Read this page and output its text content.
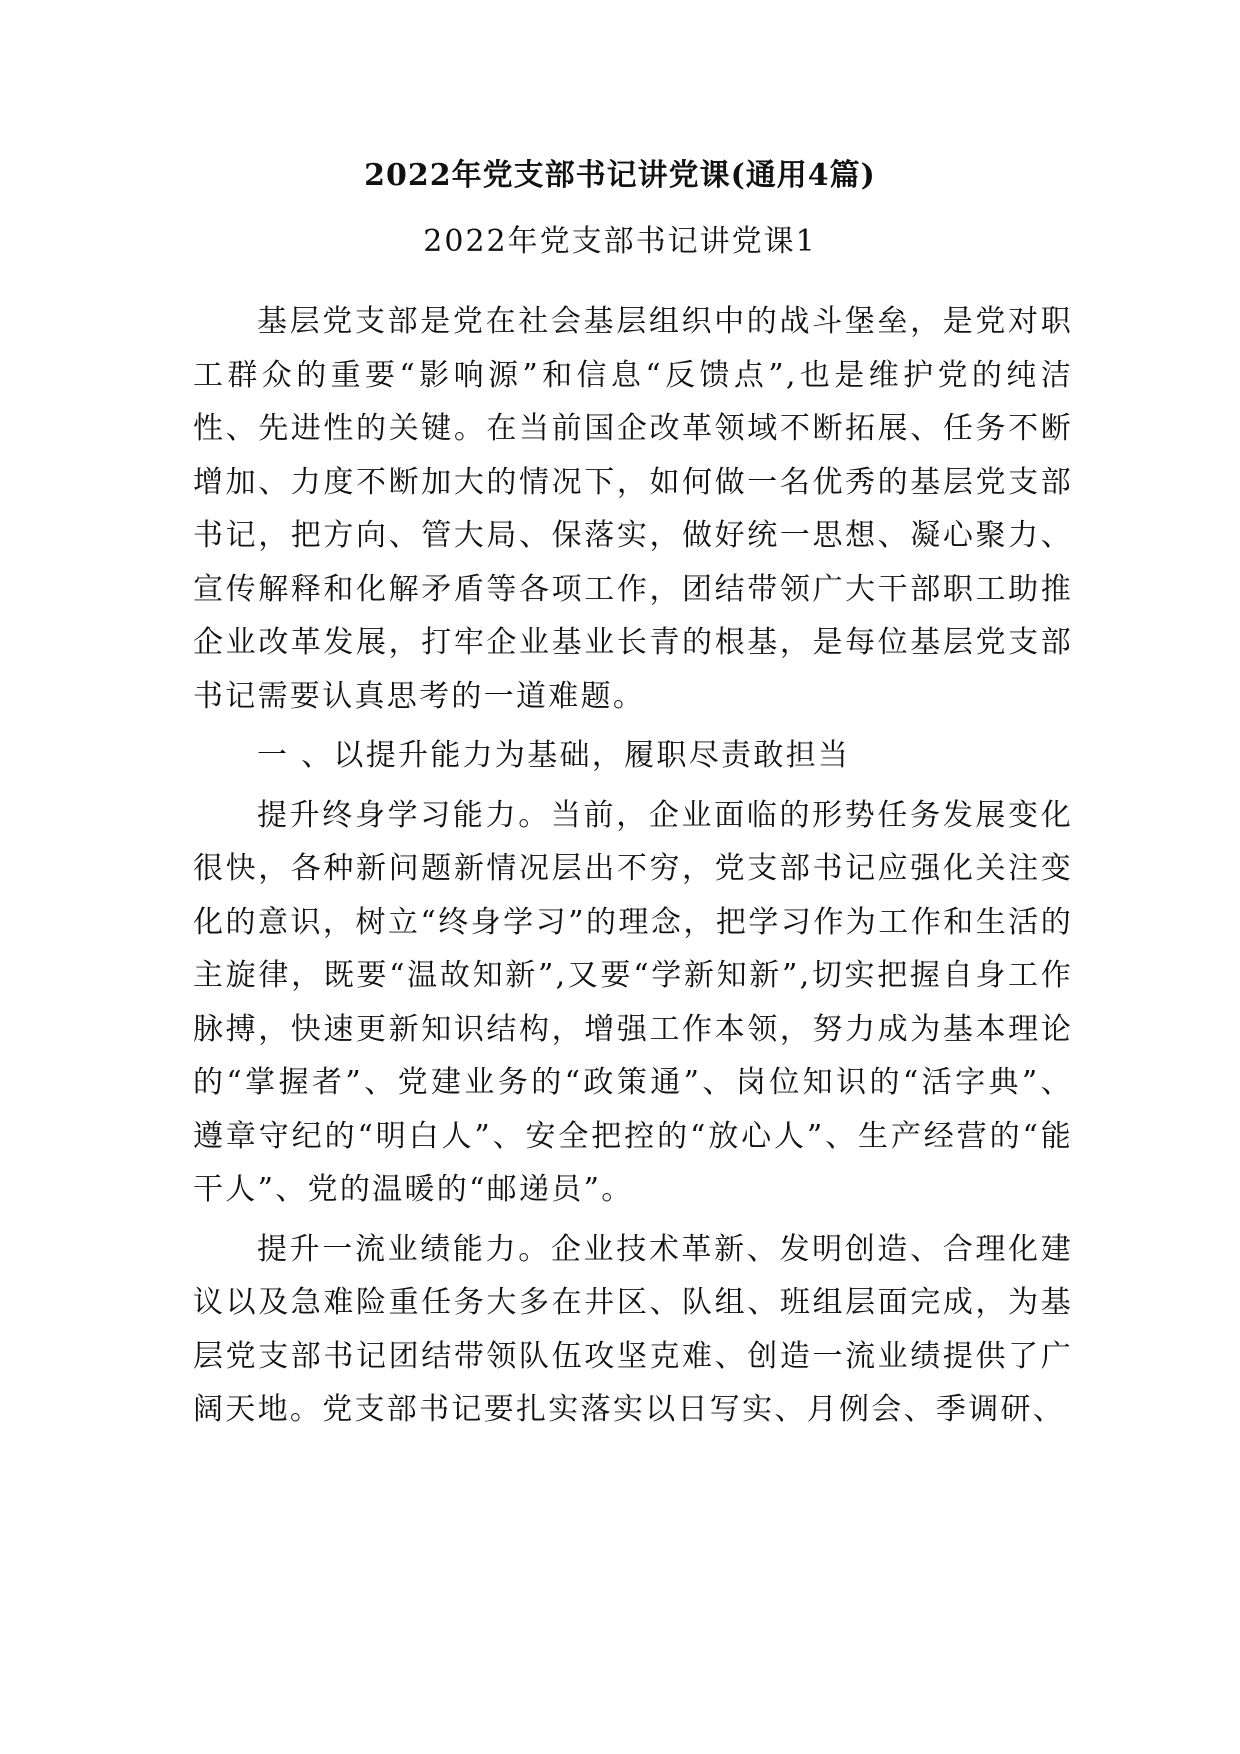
2022年党支部书记讲党课(通用4篇)
2022年党支部书记讲党课1

基层党支部是党在社会基层组织中的战斗堡垒，是党对职工群众的重要“影响源”和信息“反馈点”,也是维护党的纯洁性、先进性的关键。在当前国企改革领域不断拓展、任务不断增加、力度不断加大的情况下，如何做一名优秀的基层党支部书记，把方向、管大局、保落实，做好统一思想、凝心聚力、宣传解释和化解矛盾等各项工作，团结带领广大干部职工助推企业改革发展，打牢企业基业长青的根基，是每位基层党支部书记需要认真思考的一道难题。

一 、以提升能力为基础，履职尽责敢担当

提升终身学习能力。当前，企业面临的形势任务发展变化很快，各种新问题新情况层出不穷，党支部书记应强化关注变化的意识，树立“终身学习”的理念，把学习作为工作和生活的主旋律，既要“温故知新”,又要“学新知新”,切实把握自身工作脉搏，快速更新知识结构，增强工作本领，努力成为基本理论的“掌握者”、党建业务的“政策通”、岗位知识的“活字典”、遵章守纪的“明白人”、安全把控的“放心人”、生产经营的“能干人”、党的温暖的“邮递员”。

提升一流业绩能力。企业技术革新、发明创造、合理化建议以及急难险重任务大多在井区、队组、班组层面完成，为基层党支部书记团结带领队伍攻坚克难、创造一流业绩提供了广阔天地。党支部书记要扎实落实以日写实、月例会、季调研、
